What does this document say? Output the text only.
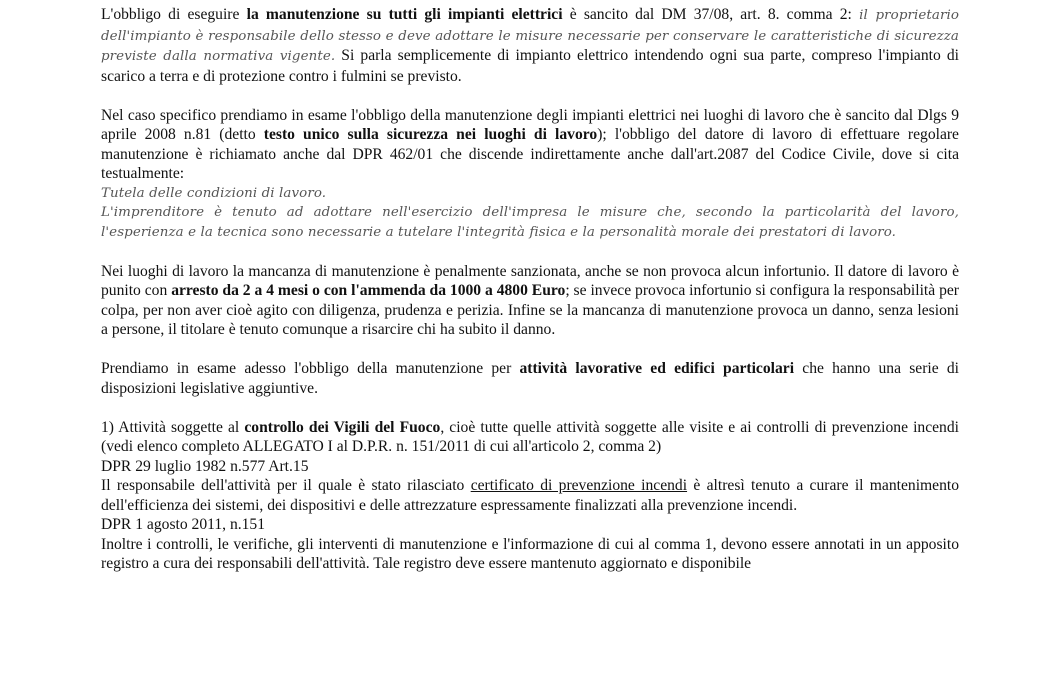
L'obbligo di eseguire la manutenzione su tutti gli impianti elettrici è sancito dal DM 37/08, art. 8. comma 2: il proprietario dell'impianto è responsabile dello stesso e deve adottare le misure necessarie per conservare le caratteristiche di sicurezza previste dalla normativa vigente. Si parla semplicemente di impianto elettrico intendendo ogni sua parte, compreso l'impianto di scarico a terra e di protezione contro i fulmini se previsto.

Nel caso specifico prendiamo in esame l'obbligo della manutenzione degli impianti elettrici nei luoghi di lavoro che è sancito dal Dlgs 9 aprile 2008 n.81 (detto testo unico sulla sicurezza nei luoghi di lavoro); l'obbligo del datore di lavoro di effettuare regolare manutenzione è richiamato anche dal DPR 462/01 che discende indirettamente anche dall'art.2087 del Codice Civile, dove si cita testualmente:

Tutela delle condizioni di lavoro.

L'imprenditore è tenuto ad adottare nell'esercizio dell'impresa le misure che, secondo la particolarità del lavoro, l'esperienza e la tecnica sono necessarie a tutelare l'integrità fisica e la personalità morale dei prestatori di lavoro.

Nei luoghi di lavoro la mancanza di manutenzione è penalmente sanzionata, anche se non provoca alcun infortunio. Il datore di lavoro è punito con arresto da 2 a 4 mesi o con l'ammenda da 1000 a 4800 Euro; se invece provoca infortunio si configura la responsabilità per colpa, per non aver cioè agito con diligenza, prudenza e perizia. Infine se la mancanza di manutenzione provoca un danno, senza lesioni a persone, il titolare è tenuto comunque a risarcire chi ha subito il danno.

Prendiamo in esame adesso l'obbligo della manutenzione per attività lavorative ed edifici particolari che hanno una serie di disposizioni legislative aggiuntive.

1) Attività soggette al controllo dei Vigili del Fuoco, cioè tutte quelle attività soggette alle visite e ai controlli di prevenzione incendi (vedi elenco completo ALLEGATO I al D.P.R. n. 151/2011 di cui all'articolo 2, comma 2)

DPR 29 luglio 1982 n.577 Art.15

Il responsabile dell'attività per il quale è stato rilasciato certificato di prevenzione incendi è altresì tenuto a curare il mantenimento dell'efficienza dei sistemi, dei dispositivi e delle attrezzature espressamente finalizzati alla prevenzione incendi.

DPR 1 agosto 2011, n.151

Inoltre i controlli, le verifiche, gli interventi di manutenzione e l'informazione di cui al comma 1, devono essere annotati in un apposito registro a cura dei responsabili dell'attività. Tale registro deve essere mantenuto aggiornato e disponibile
